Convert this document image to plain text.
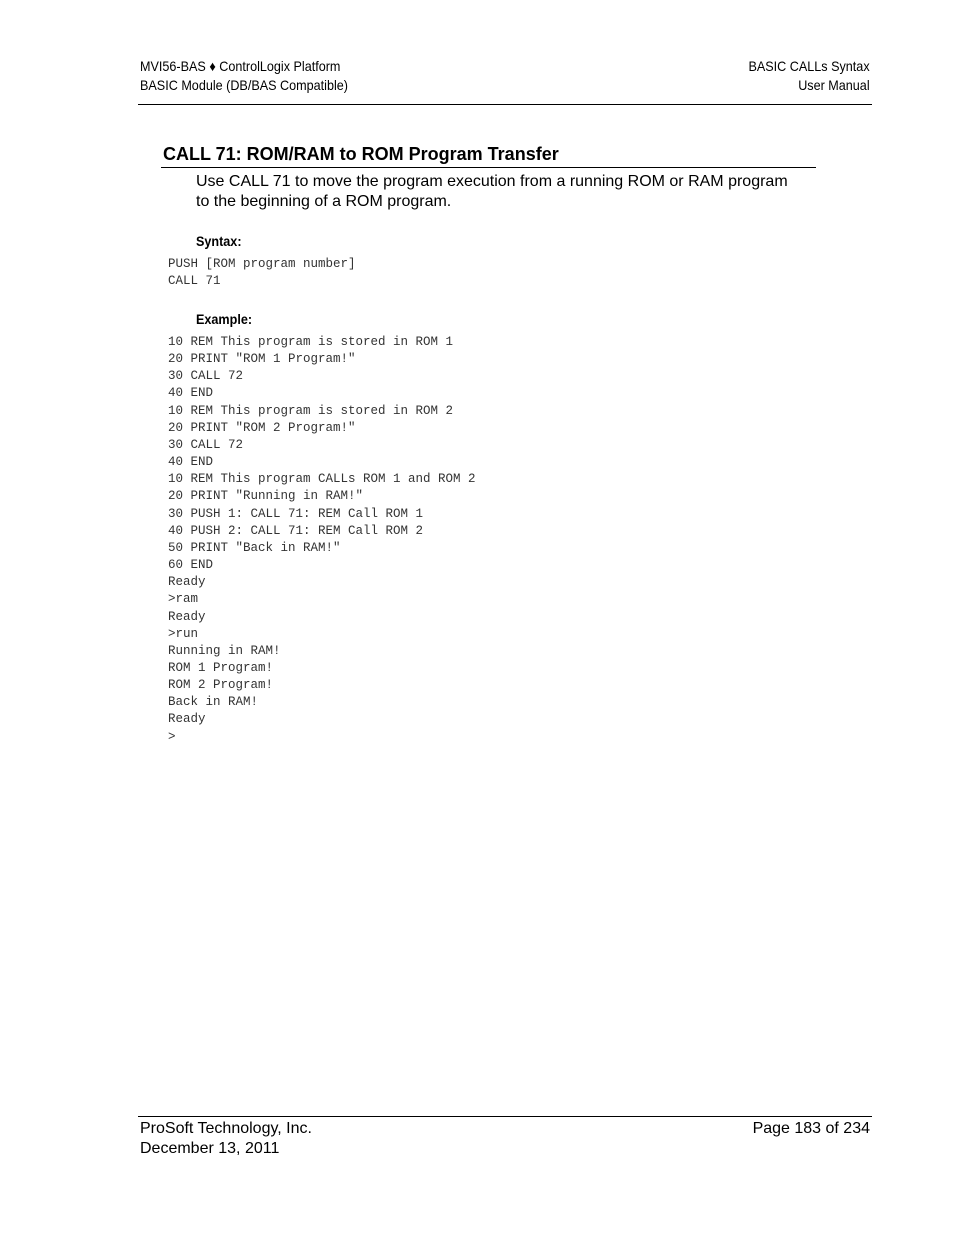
MVI56-BAS ♦ ControlLogix Platform
BASIC Module (DB/BAS Compatible)
BASIC CALLs Syntax
User Manual
CALL 71: ROM/RAM to ROM Program Transfer
Use CALL 71 to move the program execution from a running ROM or RAM program to the beginning of a ROM program.
Syntax:
PUSH [ROM program number]
CALL 71
Example:
10 REM This program is stored in ROM 1
20 PRINT "ROM 1 Program!"
30 CALL 72
40 END
10 REM This program is stored in ROM 2
20 PRINT "ROM 2 Program!"
30 CALL 72
40 END
10 REM This program CALLs ROM 1 and ROM 2
20 PRINT "Running in RAM!"
30 PUSH 1: CALL 71: REM Call ROM 1
40 PUSH 2: CALL 71: REM Call ROM 2
50 PRINT "Back in RAM!"
60 END
Ready
>ram
Ready
>run
Running in RAM!
ROM 1 Program!
ROM 2 Program!
Back in RAM!
Ready
>
ProSoft Technology, Inc.
December 13, 2011
Page 183 of 234
